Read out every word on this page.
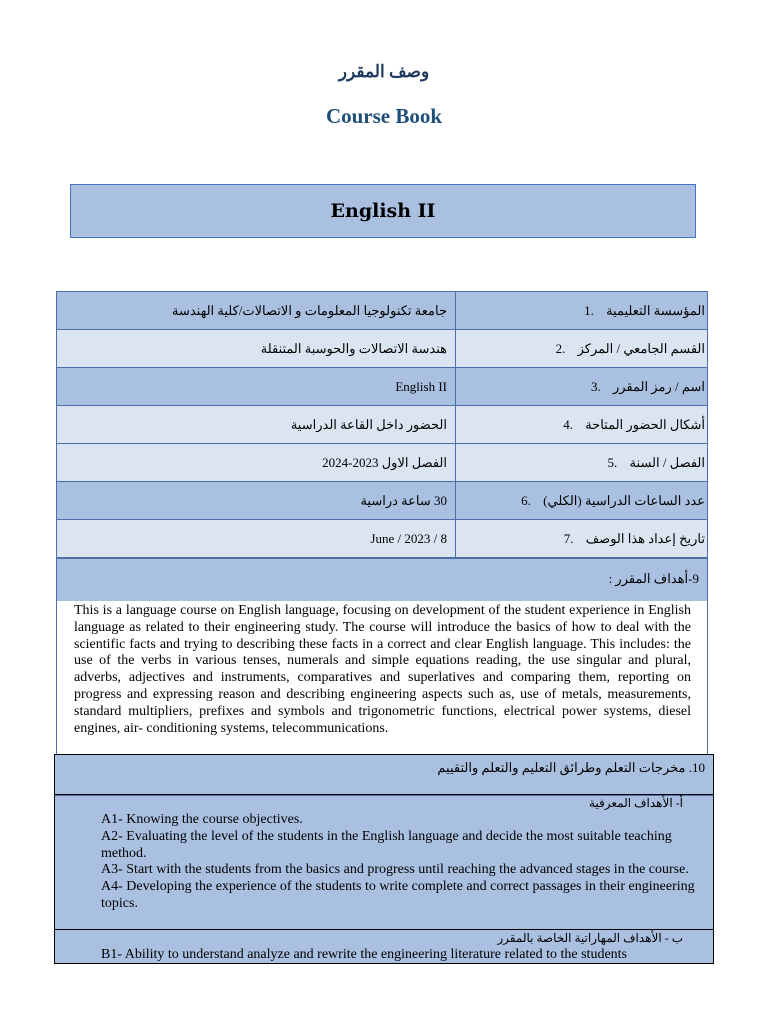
وصف المقرر
Course Book
English II
جامعة تكنولوجيا المعلومات و الاتصالات/كلية الهندسة	المؤسسة التعليمية1.
هندسة الاتصالات والحوسبة المتنقلة	القسم الجامعي / المركز2.
English II	اسم / رمز المقرر3.
الحضور داخل القاعة الدراسية	أشكال الحضور المتاحة4.
الفصل الاول 2023-2024	الفصل / السنة5.
30 ساعة دراسية	عدد الساعات الدراسية (الكلي)6.
8 / 2023 / June	تاريخ إعداد هذا الوصف7.
9-أهداف المقرر :
This is a language course on English language, focusing on development of the student experience in English language as related to their engineering study. The course will introduce the basics of how to deal with the scientific facts and trying to describing these facts in a correct and clear English language. This includes: the use of the verbs in various tenses, numerals and simple equations reading, the use singular and plural, adverbs, adjectives and instruments, comparatives and superlatives and comparing them, reporting on progress and expressing reason and describing engineering aspects such as, use of metals, measurements, standard multipliers, prefixes and symbols and trigonometric functions, electrical power systems, diesel engines, air- conditioning systems, telecommunications.
10. مخرجات التعلم وطرائق التعليم والتعلم والتقييم
أ- الأهداف المعرفية
A1- Knowing the course objectives.
A2- Evaluating the level of the students in the English language and decide the most suitable teaching method.
A3- Start with the students from the basics and progress until reaching the advanced stages in the course.
A4- Developing the experience of the students to write complete and correct passages in their engineering topics.
ب - الأهداف المهاراتية الخاصة بالمقرر
B1- Ability to understand analyze and rewrite the engineering literature related to the students
